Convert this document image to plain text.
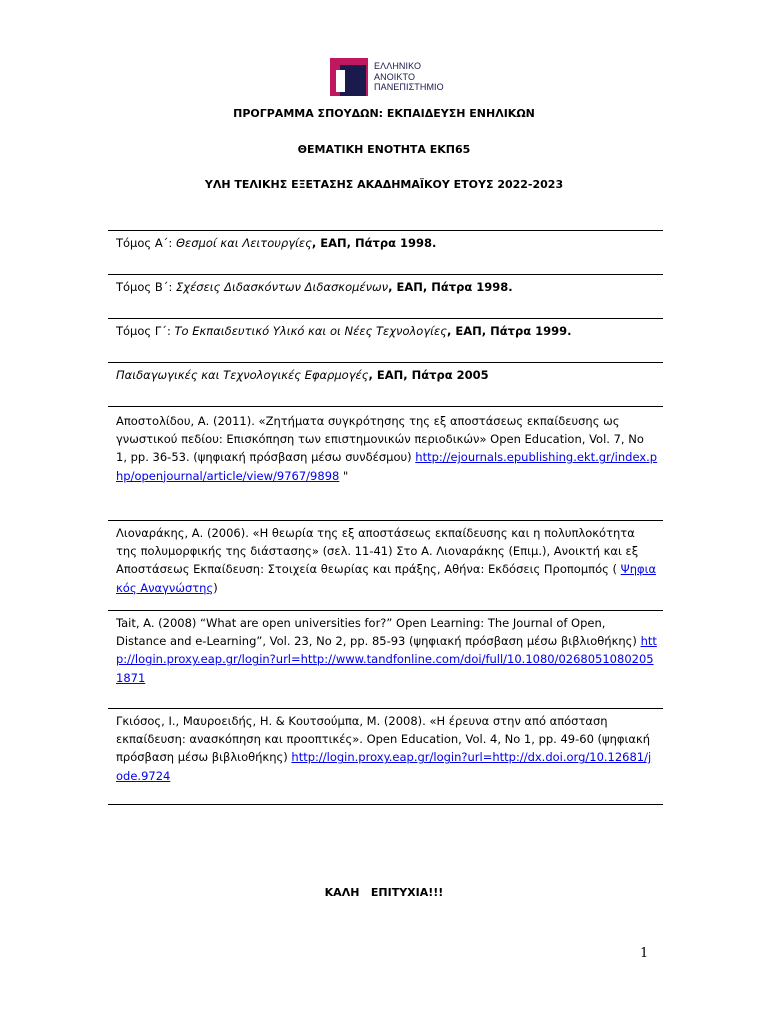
ΕΛΛΗΝΙΚΟ
ΑΝΟΙΚΤΟ
ΠΑΝΕΠΙΣΤΗΜΙΟ

ΠΡΟΓΡΑΜΜΑ ΣΠΟΥΔΩΝ: ΕΚΠΑΙΔΕΥΣΗ ΕΝΗΛΙΚΩΝ

ΘΕΜΑΤΙΚΗ ΕΝΟΤΗΤΑ ΕΚΠ65

ΥΛΗ ΤΕΛΙΚΗΣ ΕΞΕΤΑΣΗΣ ΑΚΑΔΗΜΑΪΚΟΥ ΕΤΟΥΣ 2022-2023

Τόμος Α΄: Θεσμοί και Λειτουργίες, ΕΑΠ, Πάτρα 1998.
Τόμος Β΄: Σχέσεις Διδασκόντων Διδασκομένων, ΕΑΠ, Πάτρα 1998.
Τόμος Γ΄: Το Εκπαιδευτικό Υλικό και οι Νέες Τεχνολογίες, ΕΑΠ, Πάτρα 1999.
Παιδαγωγικές και Τεχνολογικές Εφαρμογές, ΕΑΠ, Πάτρα 2005
Αποστολίδου, Α. (2011). «Ζητήματα συγκρότησης της εξ αποστάσεως εκπαίδευσης ως γνωστικού πεδίου: Επισκόπηση των επιστημονικών περιοδικών» Open Education, Vol. 7, No 1, pp. 36-53. (ψηφιακή πρόσβαση μέσω συνδέσμου) http://ejournals.epublishing.ekt.gr/index.php/openjournal/article/view/9767/9898 "
Λιοναράκης, Α. (2006). «Η θεωρία της εξ αποστάσεως εκπαίδευσης και η πολυπλοκότητα της πολυμορφικής της διάστασης» (σελ. 11-41) Στο Α. Λιοναράκης (Επιμ.), Ανοικτή και εξ Αποστάσεως Εκπαίδευση: Στοιχεία θεωρίας και πράξης, Αθήνα: Εκδόσεις Προπομπός ( Ψηφιακός Αναγνώστης)
Tait, A. (2008) “What are open universities for?” Open Learning: The Journal of Open, Distance and e-Learning”, Vol. 23, No 2, pp. 85-93 (ψηφιακή πρόσβαση μέσω βιβλιοθήκης) http://login.proxy.eap.gr/login?url=http://www.tandfonline.com/doi/full/10.1080/02680510802051871
Γκιόσος, Ι., Μαυροειδής, Η. & Κουτσούμπα, Μ. (2008). «Η έρευνα στην από απόσταση εκπαίδευση: ανασκόπηση και προοπτικές». Open Education, Vol. 4, No 1, pp. 49-60 (ψηφιακή πρόσβαση μέσω βιβλιοθήκης) http://login.proxy.eap.gr/login?url=http://dx.doi.org/10.12681/jode.9724

ΚΑΛΗ   ΕΠΙΤΥΧΙΑ!!!

1
